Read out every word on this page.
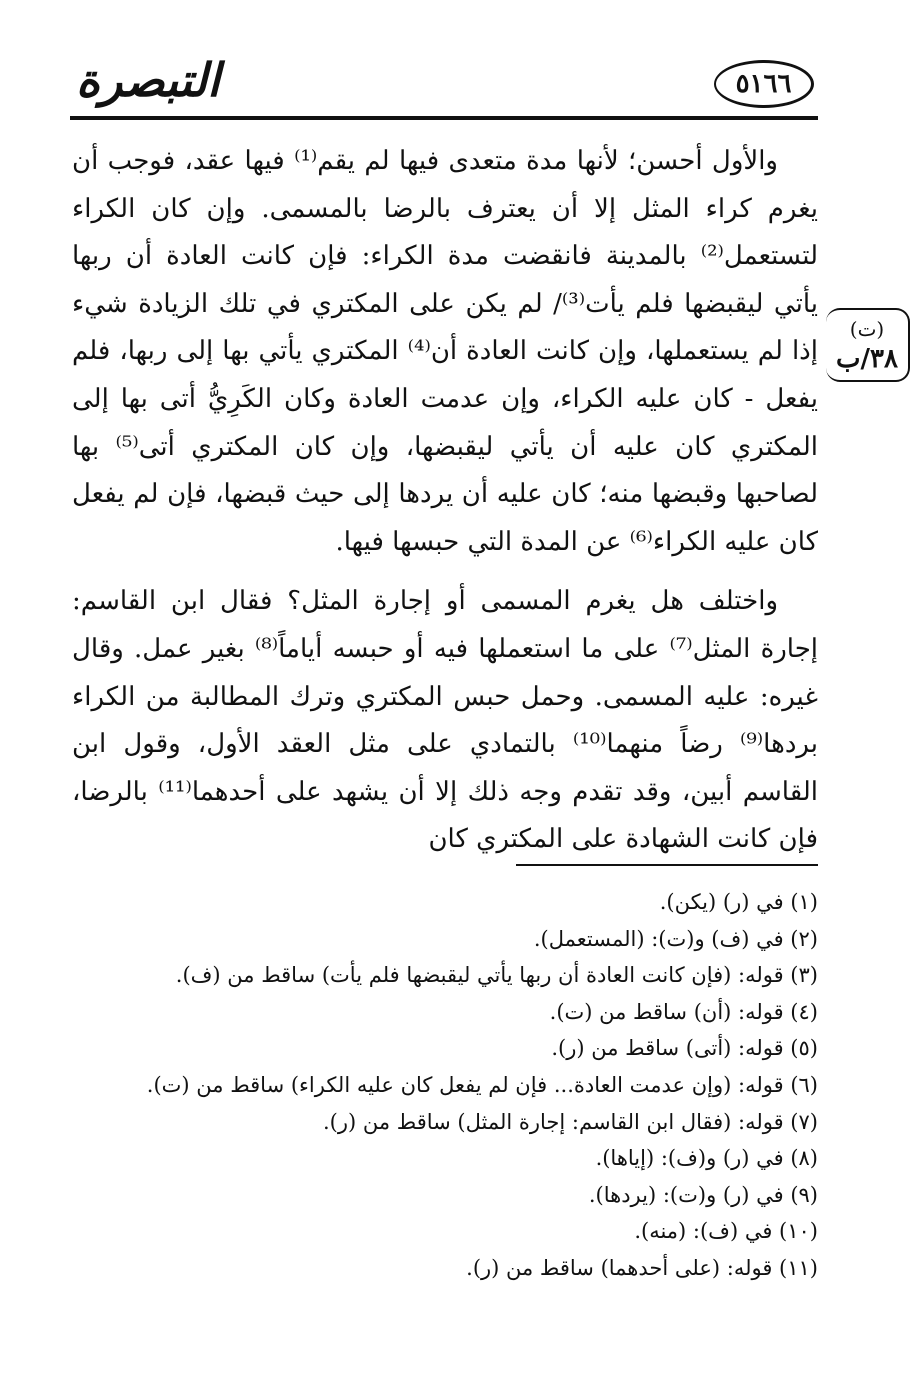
التبصرة	٥١٦٦
(ت)
٣٨/ب

والأول أحسن؛ لأنها مدة متعدى فيها لم يقم⁽¹⁾ فيها عقد، فوجب أن يغرم كراء المثل إلا أن يعترف بالرضا بالمسمى. وإن كان الكراء لتستعمل⁽²⁾ بالمدينة فانقضت مدة الكراء: فإن كانت العادة أن ربها يأتي ليقبضها فلم يأت⁽³⁾/ لم يكن على المكتري في تلك الزيادة شيء إذا لم يستعملها، وإن كانت العادة أن⁽⁴⁾ المكتري يأتي بها إلى ربها، فلم يفعل - كان عليه الكراء، وإن عدمت العادة وكان الكَرِيُّ أتى بها إلى المكتري كان عليه أن يأتي ليقبضها، وإن كان المكتري أتى⁽⁵⁾ بها لصاحبها وقبضها منه؛ كان عليه أن يردها إلى حيث قبضها، فإن لم يفعل كان عليه الكراء⁽⁶⁾ عن المدة التي حبسها فيها.

واختلف هل يغرم المسمى أو إجارة المثل؟ فقال ابن القاسم: إجارة المثل⁽⁷⁾ على ما استعملها فيه أو حبسه أياماً⁽⁸⁾ بغير عمل. وقال غيره: عليه المسمى. وحمل حبس المكتري وترك المطالبة من الكراء بردها⁽⁹⁾ رضاً منهما⁽¹⁰⁾ بالتمادي على مثل العقد الأول، وقول ابن القاسم أبين، وقد تقدم وجه ذلك إلا أن يشهد على أحدهما⁽¹¹⁾ بالرضا، فإن كانت الشهادة على المكتري كان

(١) في (ر) (يكن).
(٢) في (ف) و(ت): (المستعمل).
(٣) قوله: (فإن كانت العادة أن ربها يأتي ليقبضها فلم يأت) ساقط من (ف).
(٤) قوله: (أن) ساقط من (ت).
(٥) قوله: (أتى) ساقط من (ر).
(٦) قوله: (وإن عدمت العادة... فإن لم يفعل كان عليه الكراء) ساقط من (ت).
(٧) قوله: (فقال ابن القاسم: إجارة المثل) ساقط من (ر).
(٨) في (ر) و(ف): (إياها).
(٩) في (ر) و(ت): (يردها).
(١٠) في (ف): (منه).
(١١) قوله: (على أحدهما) ساقط من (ر).
